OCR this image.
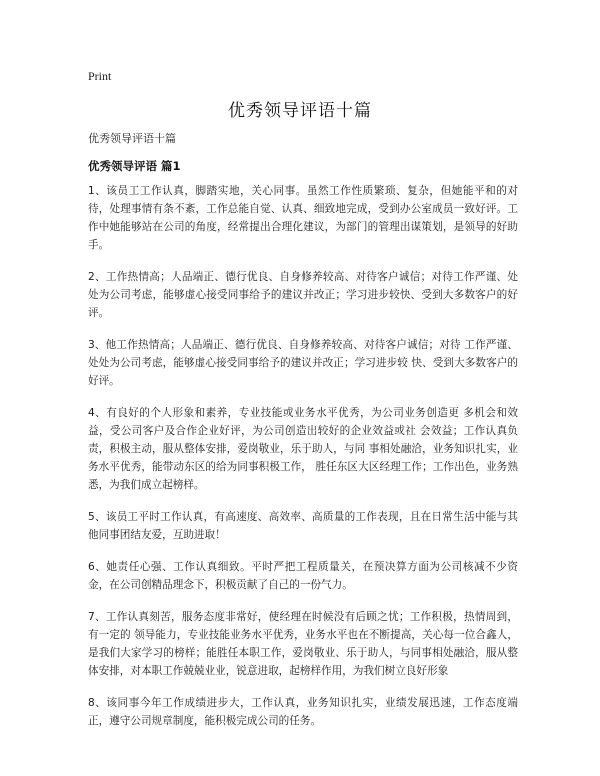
Print
优秀领导评语十篇
优秀领导评语十篇
优秀领导评语 篇1

1、该员工工作认真，脚踏实地，关心同事。虽然工作性质繁琐、复杂，但她能平和的对待，处理事情有条不紊，工作总能自觉、认真、细致地完成，受到办公室成员一致好评。工作中她能够站在公司的角度，经常提出合理化建议，为部门的管理出谋策划，是领导的好助手。

2、工作热情高；人品端正、德行优良、自身修养较高、对待客户诚信；对待工作严谨、处处为公司考虑，能够虚心接受同事给予的建议并改正；学习进步较快、受到大多数客户的好评。

3、他工作热情高；人品端正、德行优良、自身修养较高、对待客户诚信；对待 工作严谨、处处为公司考虑，能够虚心接受同事给予的建议并改正；学习进步较 快、受到大多数客户的好评。

4、有良好的个人形象和素养，专业技能或业务水平优秀，为公司业务创造更 多机会和效益，受公司客户及合作企业好评，为公司创造出较好的企业效益或社 会效益；工作认真负责，积极主动，服从整体安排，爱岗敬业，乐于助人，与同 事相处融洽，业务知识扎实，业务水平优秀，能带动东区的给为同事积极工作， 胜任东区大区经理工作；工作出色，业务熟悉，为我们成立起榜样。

5、该员工平时工作认真，有高速度、高效率、高质量的工作表现，且在日常生活中能与其他同事团结友爱，互助进取！

6、她责任心强、工作认真细致。平时严把工程质量关，在预决算方面为公司核减不少资金，在公司创精品理念下，积极贡献了自己的一份气力。

7、工作认真刻苦，服务态度非常好，使经理在时候没有后顾之忧；工作积极，热情周到，有一定的 领导能力，专业技能业务水平优秀，业务水平也在不断提高，关心每一位合鑫人，是我们大家学习的榜样；能胜任本职工作，爱岗敬业、乐于助人，与同事相处融洽，服从整体安排，对本职工作兢兢业业，锐意进取，起榜样作用，为我们树立良好形象

8、该同事今年工作成绩进步大，工作认真，业务知识扎实，业绩发展迅速，工作态度端正，遵守公司规章制度，能积极完成公司的任务。
